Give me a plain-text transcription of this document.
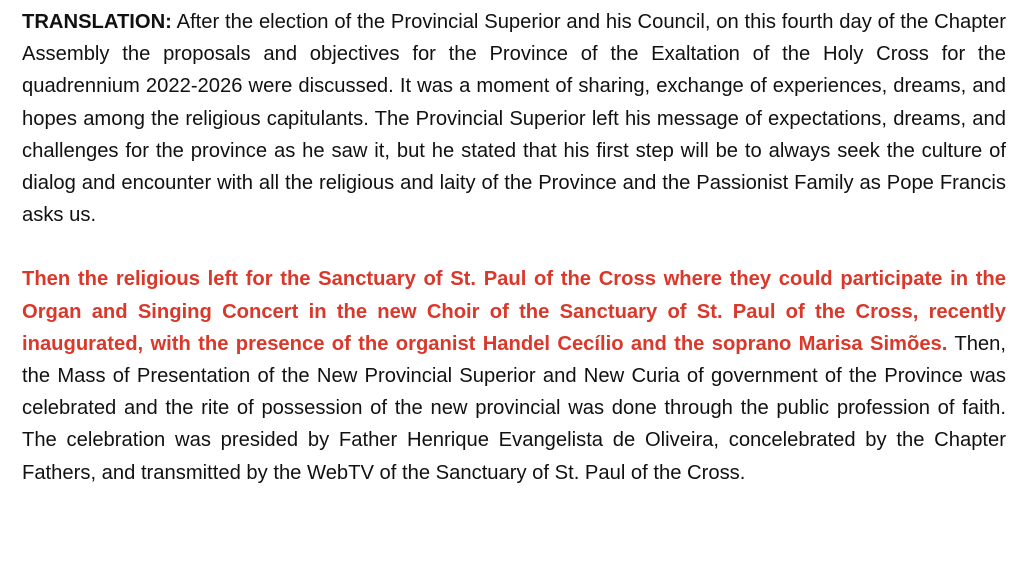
TRANSLATION: After the election of the Provincial Superior and his Council, on this fourth day of the Chapter Assembly the proposals and objectives for the Province of the Exaltation of the Holy Cross for the quadrennium 2022-2026 were discussed. It was a moment of sharing, exchange of experiences, dreams, and hopes among the religious capitulants. The Provincial Superior left his message of expectations, dreams, and challenges for the province as he saw it, but he stated that his first step will be to always seek the culture of dialog and encounter with all the religious and laity of the Province and the Passionist Family as Pope Francis asks us.

Then the religious left for the Sanctuary of St. Paul of the Cross where they could participate in the Organ and Singing Concert in the new Choir of the Sanctuary of St. Paul of the Cross, recently inaugurated, with the presence of the organist Handel Cecílio and the soprano Marisa Simões. Then, the Mass of Presentation of the New Provincial Superior and New Curia of government of the Province was celebrated and the rite of possession of the new provincial was done through the public profession of faith. The celebration was presided by Father Henrique Evangelista de Oliveira, concelebrated by the Chapter Fathers, and transmitted by the WebTV of the Sanctuary of St. Paul of the Cross.
